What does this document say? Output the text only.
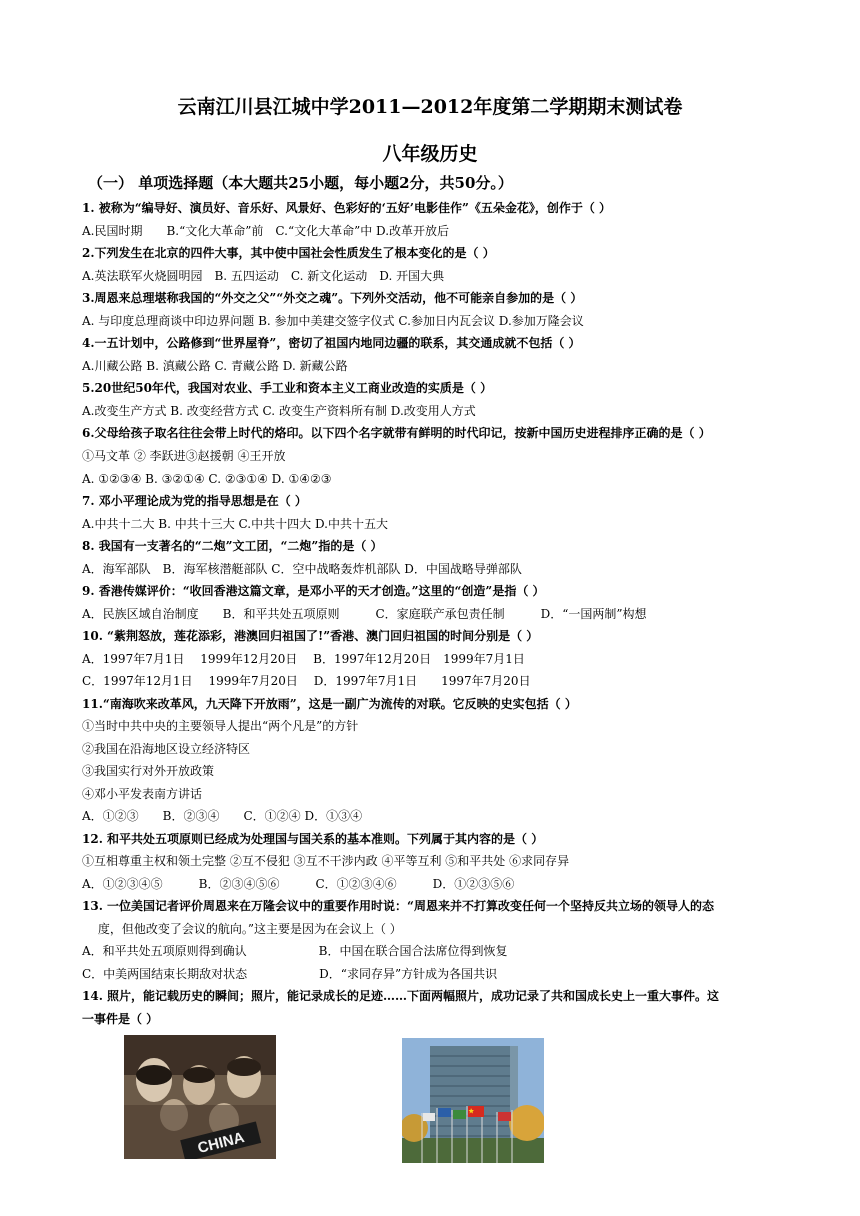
云南江川县江城中学2011—2012年度第二学期期末测试卷
八年级历史
（一） 单项选择题（本大题共25小题，每小题2分，共50分。）
1. 被称为“编导好、演员好、音乐好、风景好、色彩好的‘五好’电影佳作”《五朵金花》，创作于（ ）
A.民国时期　　B.“文化大革命”前　C.“文化大革命”中 D.改革开放后
2.下列发生在北京的四件大事，其中使中国社会性质发生了根本变化的是（ ）
A.英法联军火烧圆明园　B. 五四运动　C. 新文化运动　D. 开国大典
3.周恩来总理堪称我国的“外交之父”“外交之魂”。下列外交活动，他不可能亲自参加的是（ ）
A. 与印度总理商谈中印边界问题 B. 参加中美建交签字仪式 C.参加日内瓦会议 D.参加万隆会议
4.一五计划中，公路修到“世界屋脊”，密切了祖国内地同边疆的联系，其交通成就不包括（ ）
A.川藏公路 B. 滇藏公路 C. 青藏公路 D. 新藏公路
5.20世纪50年代，我国对农业、手工业和资本主义工商业改造的实质是（ ）
A.改变生产方式 B. 改变经营方式 C. 改变生产资料所有制 D.改变用人方式
6.父母给孩子取名往往会带上时代的烙印。以下四个名字就带有鲜明的时代印记，按新中国历史进程排序正确的是（ ）
①马文革 ② 李跃进③赵援朝 ④王开放
A. ①②③④ B. ③②①④ C. ②③①④ D. ①④②③
7. 邓小平理论成为党的指导思想是在（ ）
A.中共十二大 B. 中共十三大 C.中共十四大 D.中共十五大
8. 我国有一支著名的“二炮”文工团，“二炮”指的是（ ）
A．海军部队　B．海军核潜艇部队 C．空中战略轰炸机部队 D．中国战略导弹部队
9. 香港传媒评价：“收回香港这篇文章，是邓小平的天才创造。”这里的“创造”是指（ ）
A．民族区域自治制度　　B．和平共处五项原则　　　C．家庭联产承包责任制　　　D．“一国两制”构想
10. “紫荆怒放，莲花添彩，港澳回归祖国了!”香港、澳门回归祖国的时间分别是（ ）
A．1997年7月1日　 1999年12月20日　 B．1997年12月20日　1999年7月1日
C．1997年12月1日　 1999年7月20日　 D．1997年7月1日　　1997年7月20日
11.“南海吹来改革风，九天降下开放雨”，这是一副广为流传的对联。它反映的史实包括（ ）
①当时中共中央的主要领导人提出“两个凡是”的方针
②我国在沿海地区设立经济特区
③我国实行对外开放政策
④邓小平发表南方讲话
A．①②③　　B．②③④　　C．①②④ D．①③④
12. 和平共处五项原则已经成为处理国与国关系的基本准则。下列属于其内容的是（ ）
①互相尊重主权和领土完整 ②互不侵犯 ③互不干涉内政 ④平等互利 ⑤和平共处 ⑥求同存异
A．①②③④⑤　　　B．②③④⑤⑥　　　C．①②③④⑥　　　D．①②③⑤⑥
13. 一位美国记者评价周恩来在万隆会议中的重要作用时说：“周恩来并不打算改变任何一个坚持反共立场的领导人的态
　 度，但他改变了会议的航向。”这主要是因为在会议上（ ）
A．和平共处五项原则得到确认　　　　　　B．中国在联合国合法席位得到恢复
C．中美两国结束长期敌对状态　　　　　　D．“求同存异”方针成为各国共识
14. 照片，能记载历史的瞬间；照片，能记录成长的足迹……下面两幅照片，成功记录了共和国成长史上一重大事件。这
一事件是（ ）
CHINA
